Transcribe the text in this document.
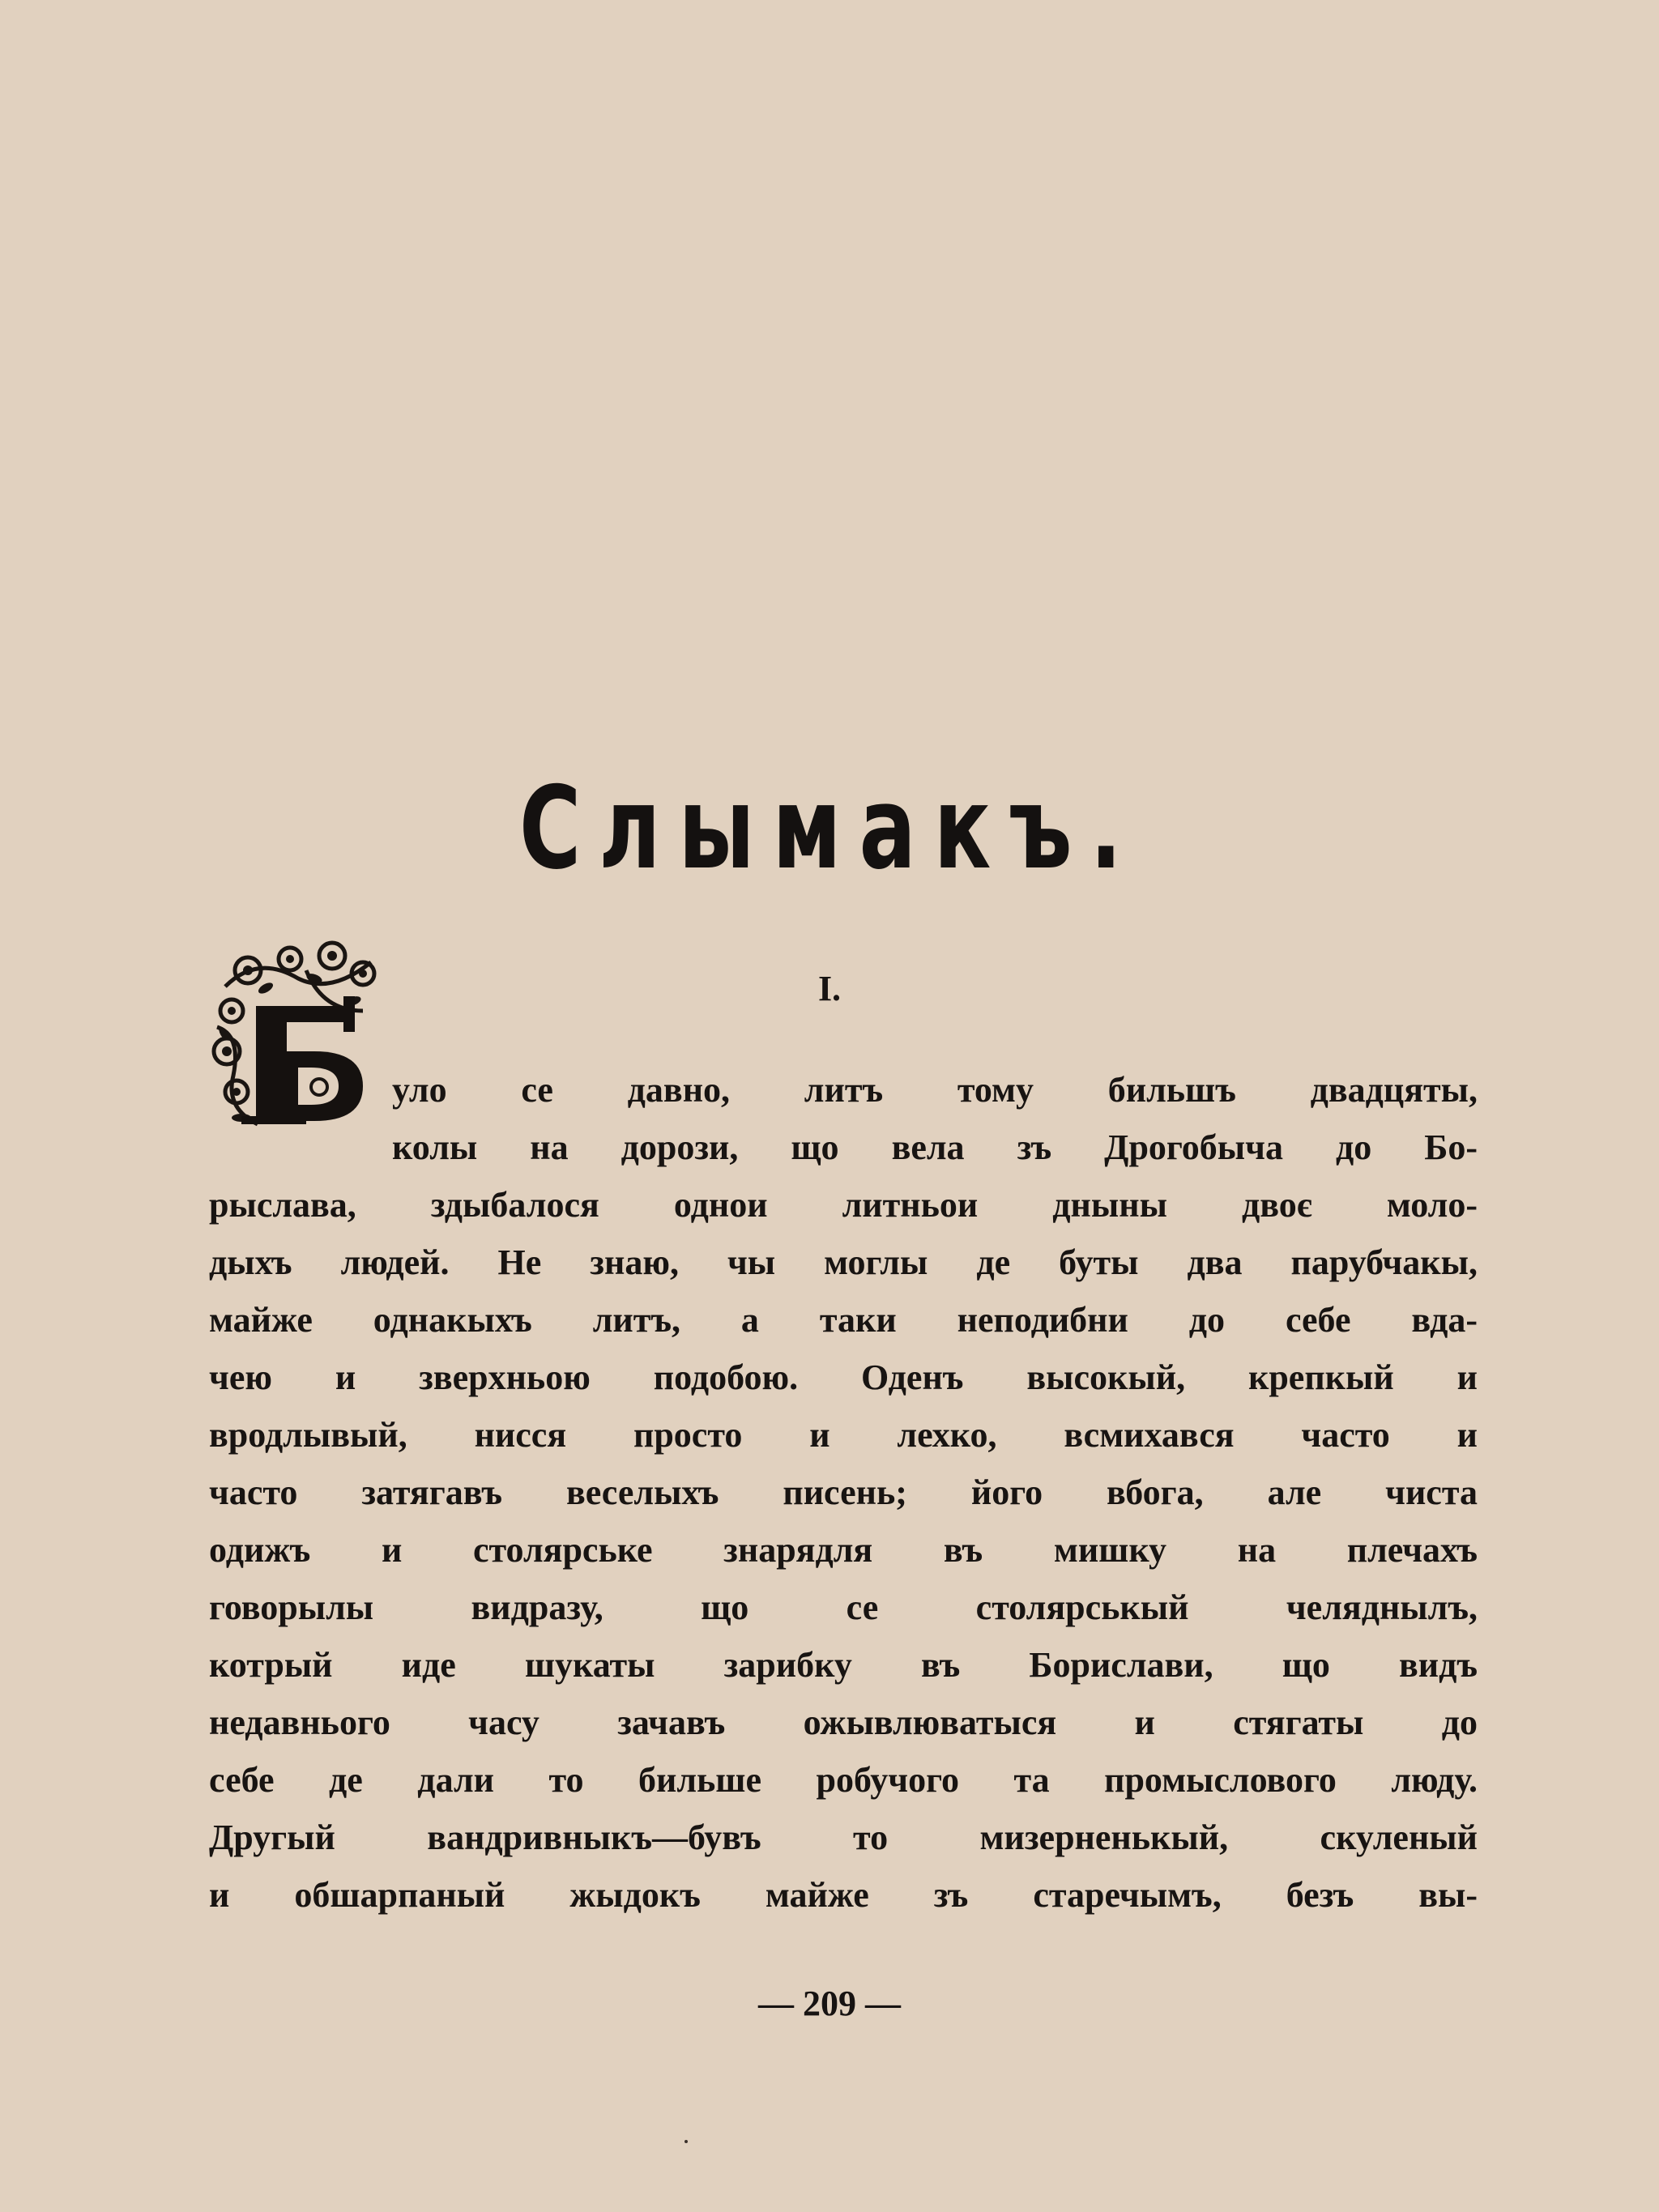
Слымакъ.
I.
уло се давно, литъ тому бильшъ двадцяты,
колы на дорози, що вела зъ Дрогобыча до Бо-
рыслава, здыбалося однои литньои дныны двоє моло-
дыхъ людей. Не знаю, чы моглы де буты два парубчакы,
майже однакыхъ литъ, а таки неподибни до себе вда-
чею и зверхньою подобою. Оденъ высокый, крепкый и
вродлывый, нисся просто и лехко, всмихався часто и
часто затягавъ веселыхъ писень; його вбога, але чиста
одижъ и столярське знарядля въ мишку на плечахъ
говорылы видразу, що се столярськый челяднылъ,
котрый иде шукаты зарибку въ Борислави, що видъ
недавнього часу зачавъ ожывлюватыся и стягаты до
себе де дали то бильше робучого та промыслового люду.
Другый вандривныкъ—бувъ то мизерненькый, скуленый
и обшарпаный жыдокъ майже зъ старечымъ, безъ вы-
— 209 —
